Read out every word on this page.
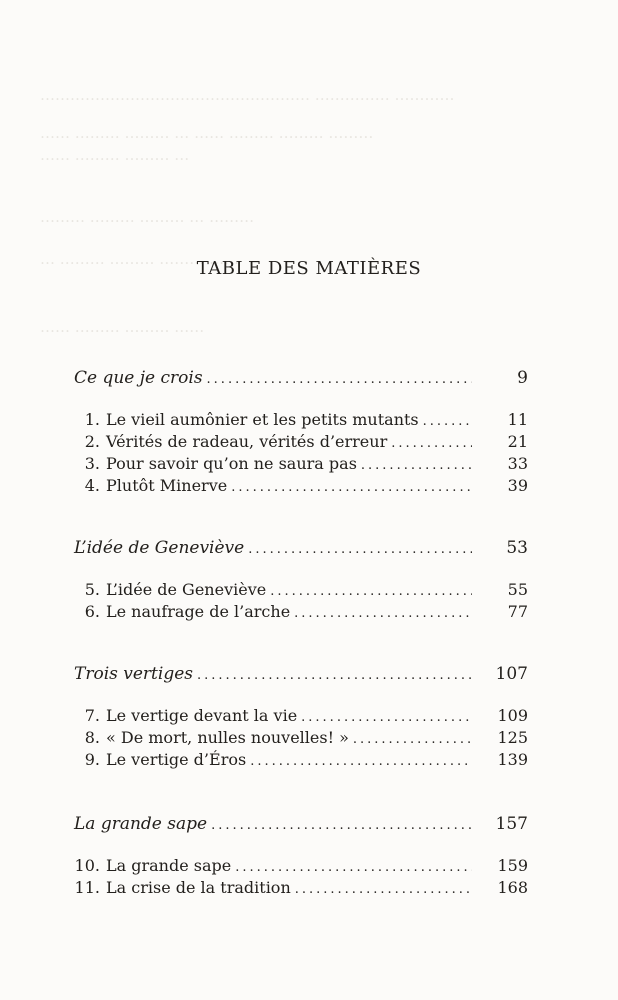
……………………………………………… …………… …………
…… ……… ……… … …… ……… ……… ………
…… ……… ……… …
……… ……… ……… … ………
… ……… ……… ……… ……
…… ……… ……… ……
TABLE DES MATIÈRES
Ce que je crois .....	9
1. Le vieil aumônier et les petits mutants .....	11
2. Vérités de radeau, vérités d’erreur .....	21
3. Pour savoir qu’on ne saura pas .....	33
4. Plutôt Minerve .....	39
L’idée de Geneviève .....	53
5. L’idée de Geneviève .....	55
6. Le naufrage de l’arche .....	77
Trois vertiges .....	107
7. Le vertige devant la vie .....	109
8. « De mort, nulles nouvelles! » .....	125
9. Le vertige d’Éros .....	139
La grande sape .....	157
10. La grande sape .....	159
11. La crise de la tradition .....	168
